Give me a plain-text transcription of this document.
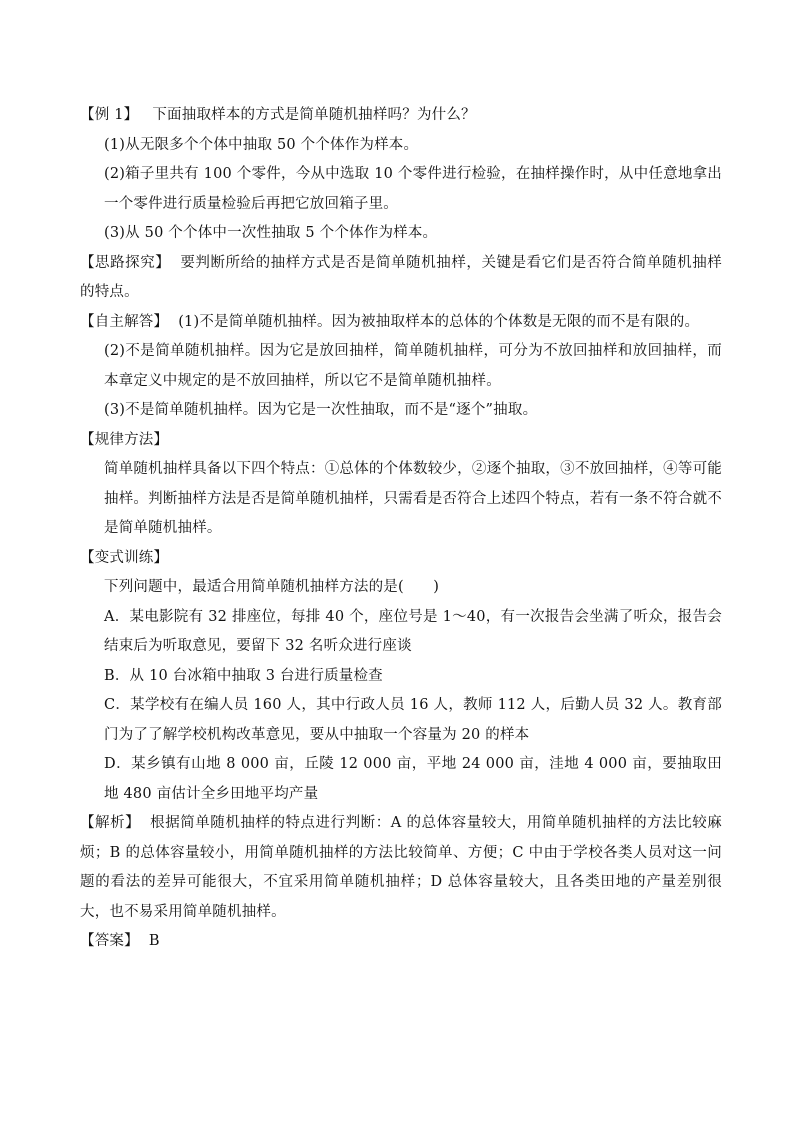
【例 1】 下面抽取样本的方式是简单随机抽样吗？为什么？

(1)从无限多个个体中抽取 50 个个体作为样本。

(2)箱子里共有 100 个零件，今从中选取 10 个零件进行检验，在抽样操作时，从中任意地拿出一个零件进行质量检验后再把它放回箱子里。

(3)从 50 个个体中一次性抽取 5 个个体作为样本。

【思路探究】 要判断所给的抽样方式是否是简单随机抽样，关键是看它们是否符合简单随机抽样的特点。

【自主解答】 (1)不是简单随机抽样。因为被抽取样本的总体的个体数是无限的而不是有限的。

(2)不是简单随机抽样。因为它是放回抽样，简单随机抽样，可分为不放回抽样和放回抽样，而本章定义中规定的是不放回抽样，所以它不是简单随机抽样。

(3)不是简单随机抽样。因为它是一次性抽取，而不是“逐个”抽取。

【规律方法】

简单随机抽样具备以下四个特点：①总体的个体数较少，②逐个抽取，③不放回抽样，④等可能抽样。判断抽样方法是否是简单随机抽样，只需看是否符合上述四个特点，若有一条不符合就不是简单随机抽样。

【变式训练】

下列问题中，最适合用简单随机抽样方法的是(　　)

A．某电影院有 32 排座位，每排 40 个，座位号是 1～40，有一次报告会坐满了听众，报告会结束后为听取意见，要留下 32 名听众进行座谈

B．从 10 台冰箱中抽取 3 台进行质量检查

C．某学校有在编人员 160 人，其中行政人员 16 人，教师 112 人，后勤人员 32 人。教育部门为了了解学校机构改革意见，要从中抽取一个容量为 20 的样本

D．某乡镇有山地 8 000 亩，丘陵 12 000 亩，平地 24 000 亩，洼地 4 000 亩，要抽取田地 480 亩估计全乡田地平均产量

【解析】 根据简单随机抽样的特点进行判断：A 的总体容量较大，用简单随机抽样的方法比较麻烦；B 的总体容量较小，用简单随机抽样的方法比较简单、方便；C 中由于学校各类人员对这一问题的看法的差异可能很大，不宜采用简单随机抽样；D 总体容量较大，且各类田地的产量差别很大，也不易采用简单随机抽样。

【答案】 B
